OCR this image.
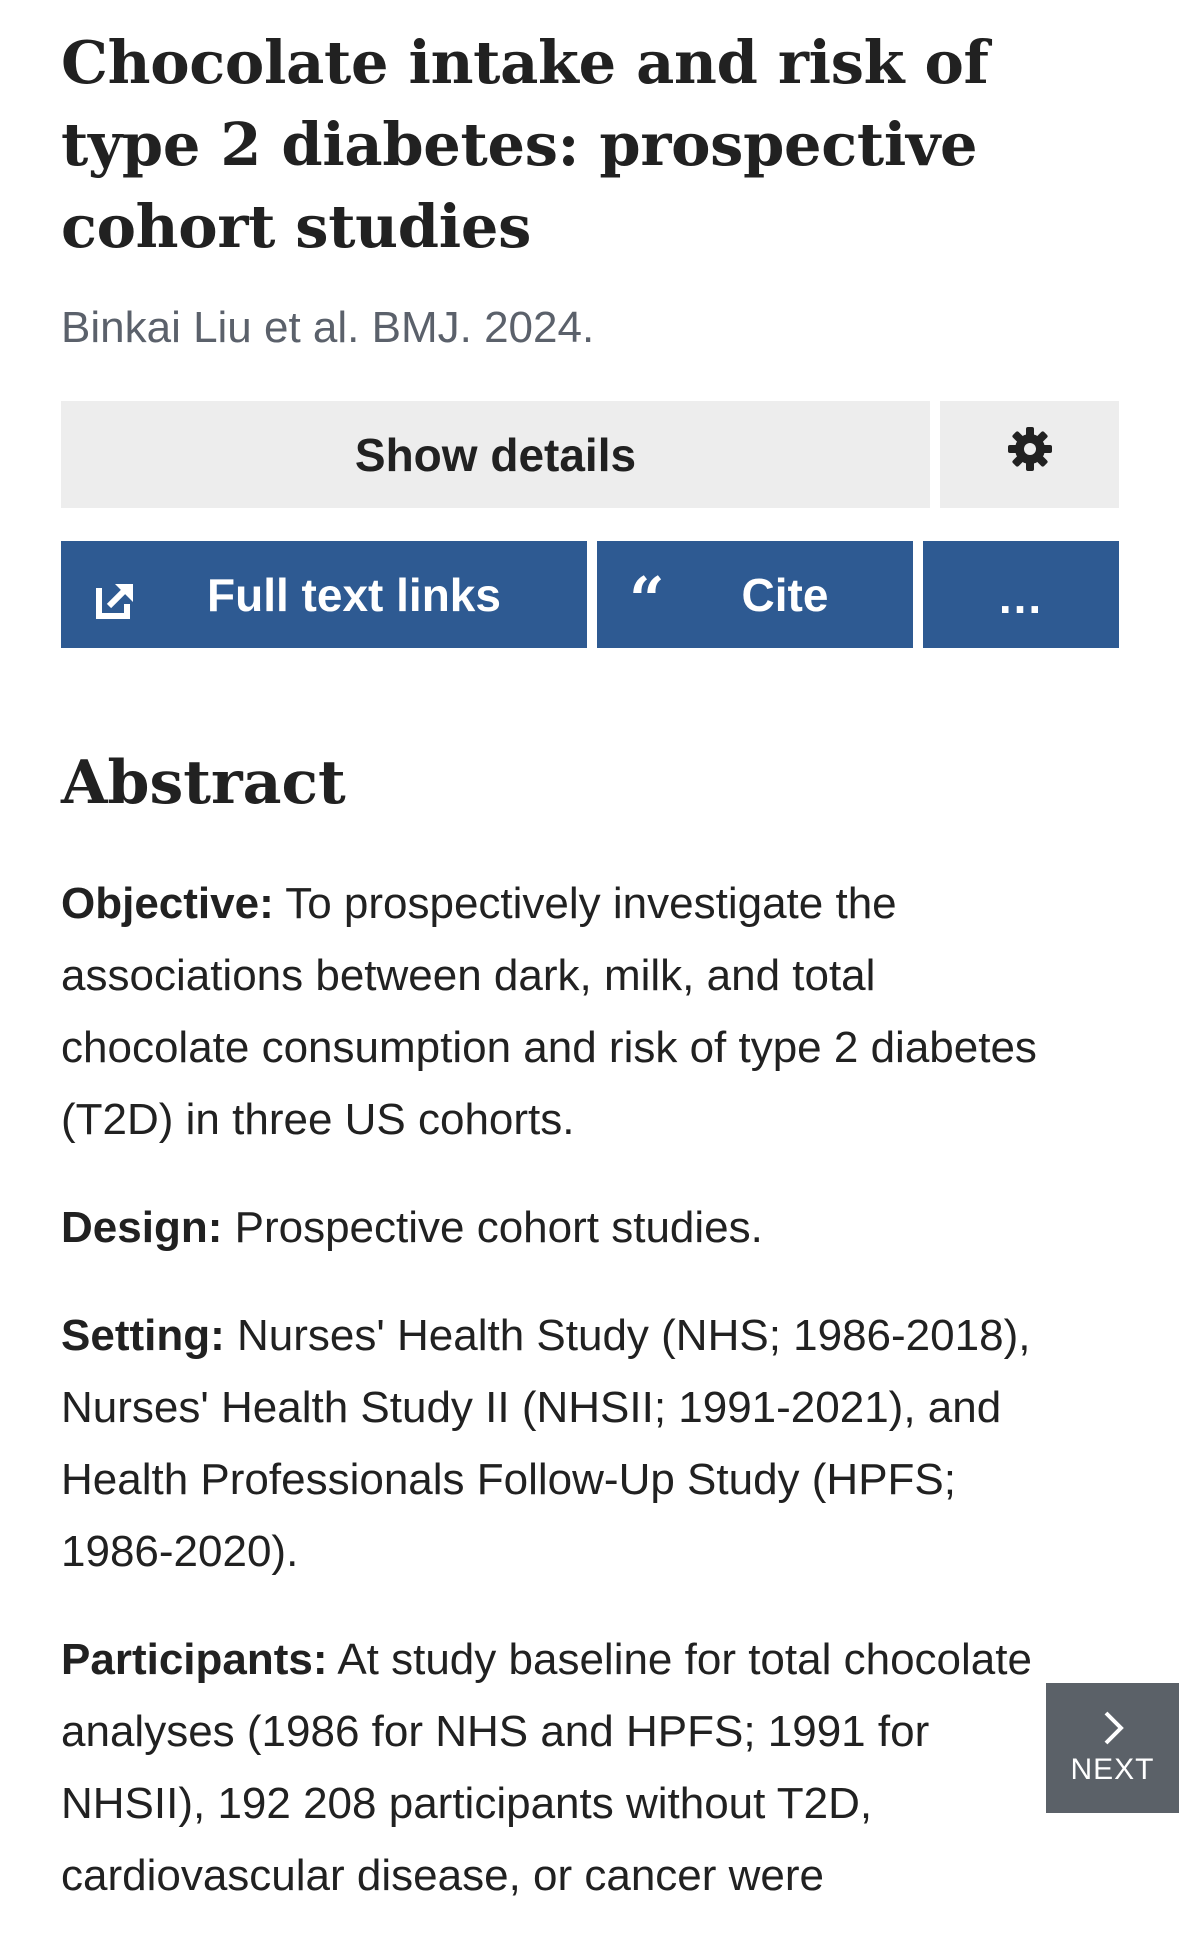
Chocolate intake and risk of type 2 diabetes: prospective cohort studies
Binkai Liu et al. BMJ. 2024.
Show details
Full text links “ Cite	...
Abstract

Objective: To prospectively investigate the associations between dark, milk, and total chocolate consumption and risk of type 2 diabetes (T2D) in three US cohorts.

Design: Prospective cohort studies.

Setting: Nurses' Health Study (NHS; 1986-2018), Nurses' Health Study II (NHSII; 1991-2021), and Health Professionals Follow-Up Study (HPFS; 1986-2020).

Participants: At study baseline for total chocolate analyses (1986 for NHS and HPFS; 1991 for NHSII), 192 208 participants without T2D, cardiovascular disease, or cancer were

NEXT
